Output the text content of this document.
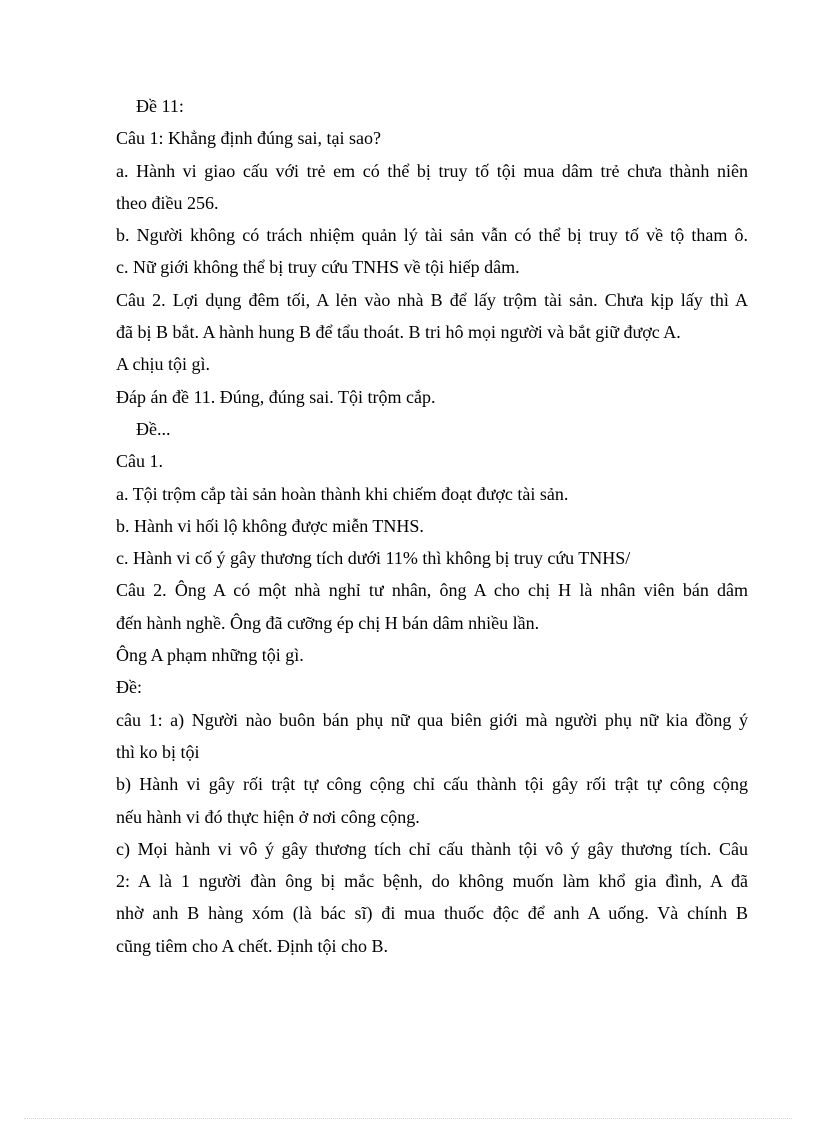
Đề 11:
Câu 1: Khẳng định đúng sai, tại sao?
a. Hành vi giao cấu với trẻ em có thể bị truy tố tội mua dâm trẻ chưa thành niên
theo điều 256.
b. Người không có trách nhiệm quản lý tài sản vẫn có thể bị truy tố về tộ tham ô.
c. Nữ giới không thể bị truy cứu TNHS về tội hiếp dâm.
Câu 2. Lợi dụng đêm tối, A lẻn vào nhà B để lấy trộm tài sản. Chưa kịp lấy thì A
đã bị B bắt. A hành hung B để tẩu thoát. B tri hô mọi người và bắt giữ được A.
A chịu tội gì.
Đáp án đề 11. Đúng, đúng sai. Tội trộm cắp.
Đề...
Câu 1.
a. Tội trộm cắp tài sản hoàn thành khi chiếm đoạt được tài sản.
b. Hành vi hối lộ không được miễn TNHS.
c. Hành vi cố ý gây thương tích dưới 11% thì không bị truy cứu TNHS/
Câu 2. Ông A có một nhà nghỉ tư nhân, ông A cho chị H là nhân viên bán dâm
đến hành nghề. Ông đã cưỡng ép chị H bán dâm nhiều lần.
Ông A phạm những tội gì.
Đề:
câu 1: a) Người nào buôn bán phụ nữ qua biên giới mà người phụ nữ kia đồng ý
thì ko bị tội
b) Hành vi gây rối trật tự công cộng chỉ cấu thành tội gây rối trật tự công cộng
nếu hành vi đó thực hiện ở nơi công cộng.
c) Mọi hành vi vô ý gây thương tích chỉ cấu thành tội vô ý gây thương tích. Câu
2: A là 1 người đàn ông bị mắc bệnh, do không muốn làm khổ gia đình, A đã
nhờ anh B hàng xóm (là bác sĩ) đi mua thuốc độc để anh A uống. Và chính B
cũng tiêm cho A chết. Định tội cho B.
